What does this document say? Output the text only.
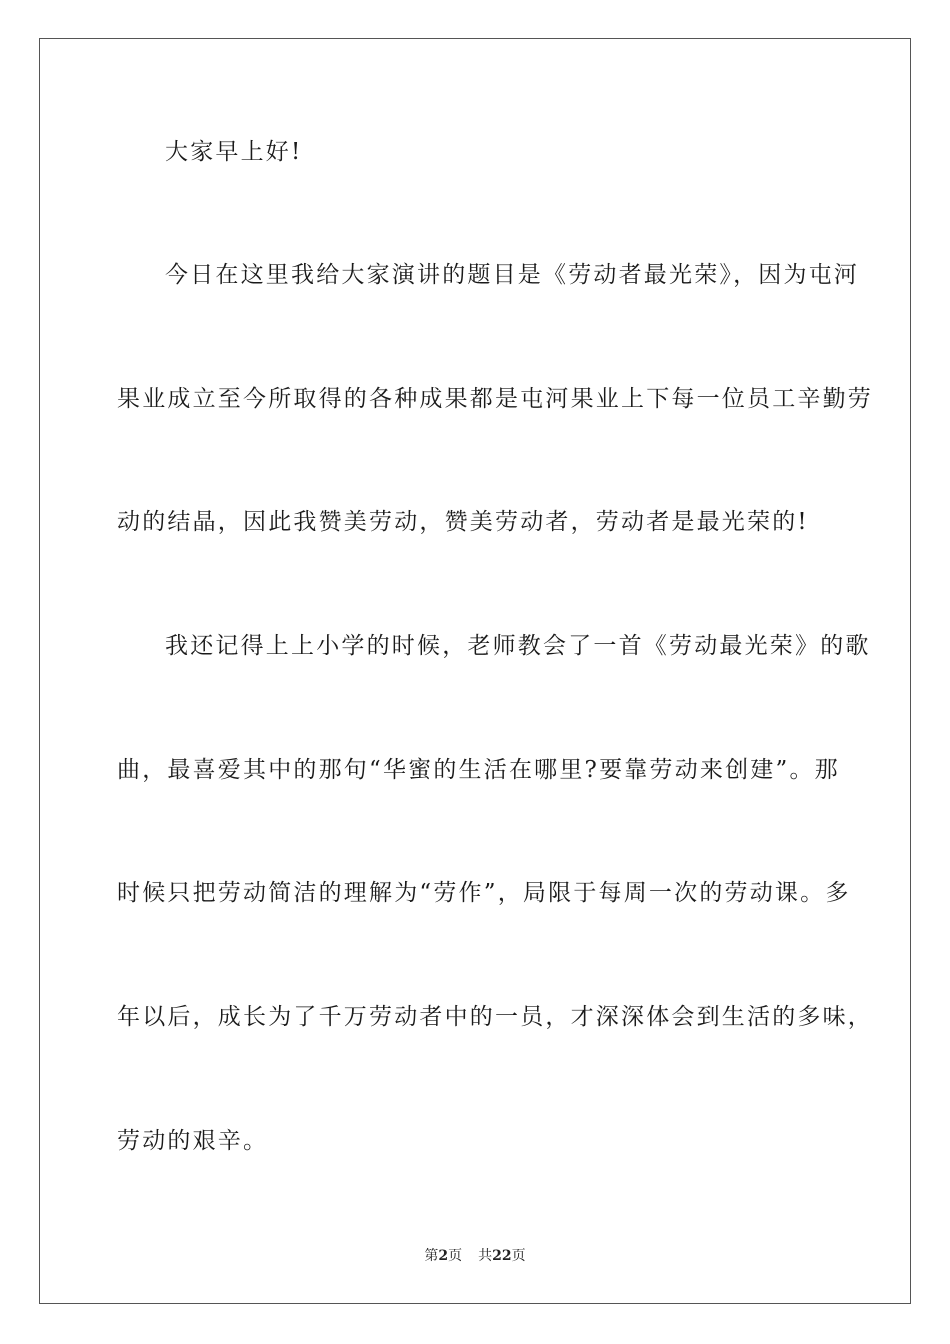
大家早上好!
今日在这里我给大家演讲的题目是《劳动者最光荣》，因为屯河
果业成立至今所取得的各种成果都是屯河果业上下每一位员工辛勤劳
动的结晶，因此我赞美劳动，赞美劳动者，劳动者是最光荣的!
我还记得上上小学的时候，老师教会了一首《劳动最光荣》的歌
曲，最喜爱其中的那句“华蜜的生活在哪里?要靠劳动来创建”。那
时候只把劳动简洁的理解为“劳作”，局限于每周一次的劳动课。多
年以后，成长为了千万劳动者中的一员，才深深体会到生活的多味，
劳动的艰辛。
第2页 共22页
